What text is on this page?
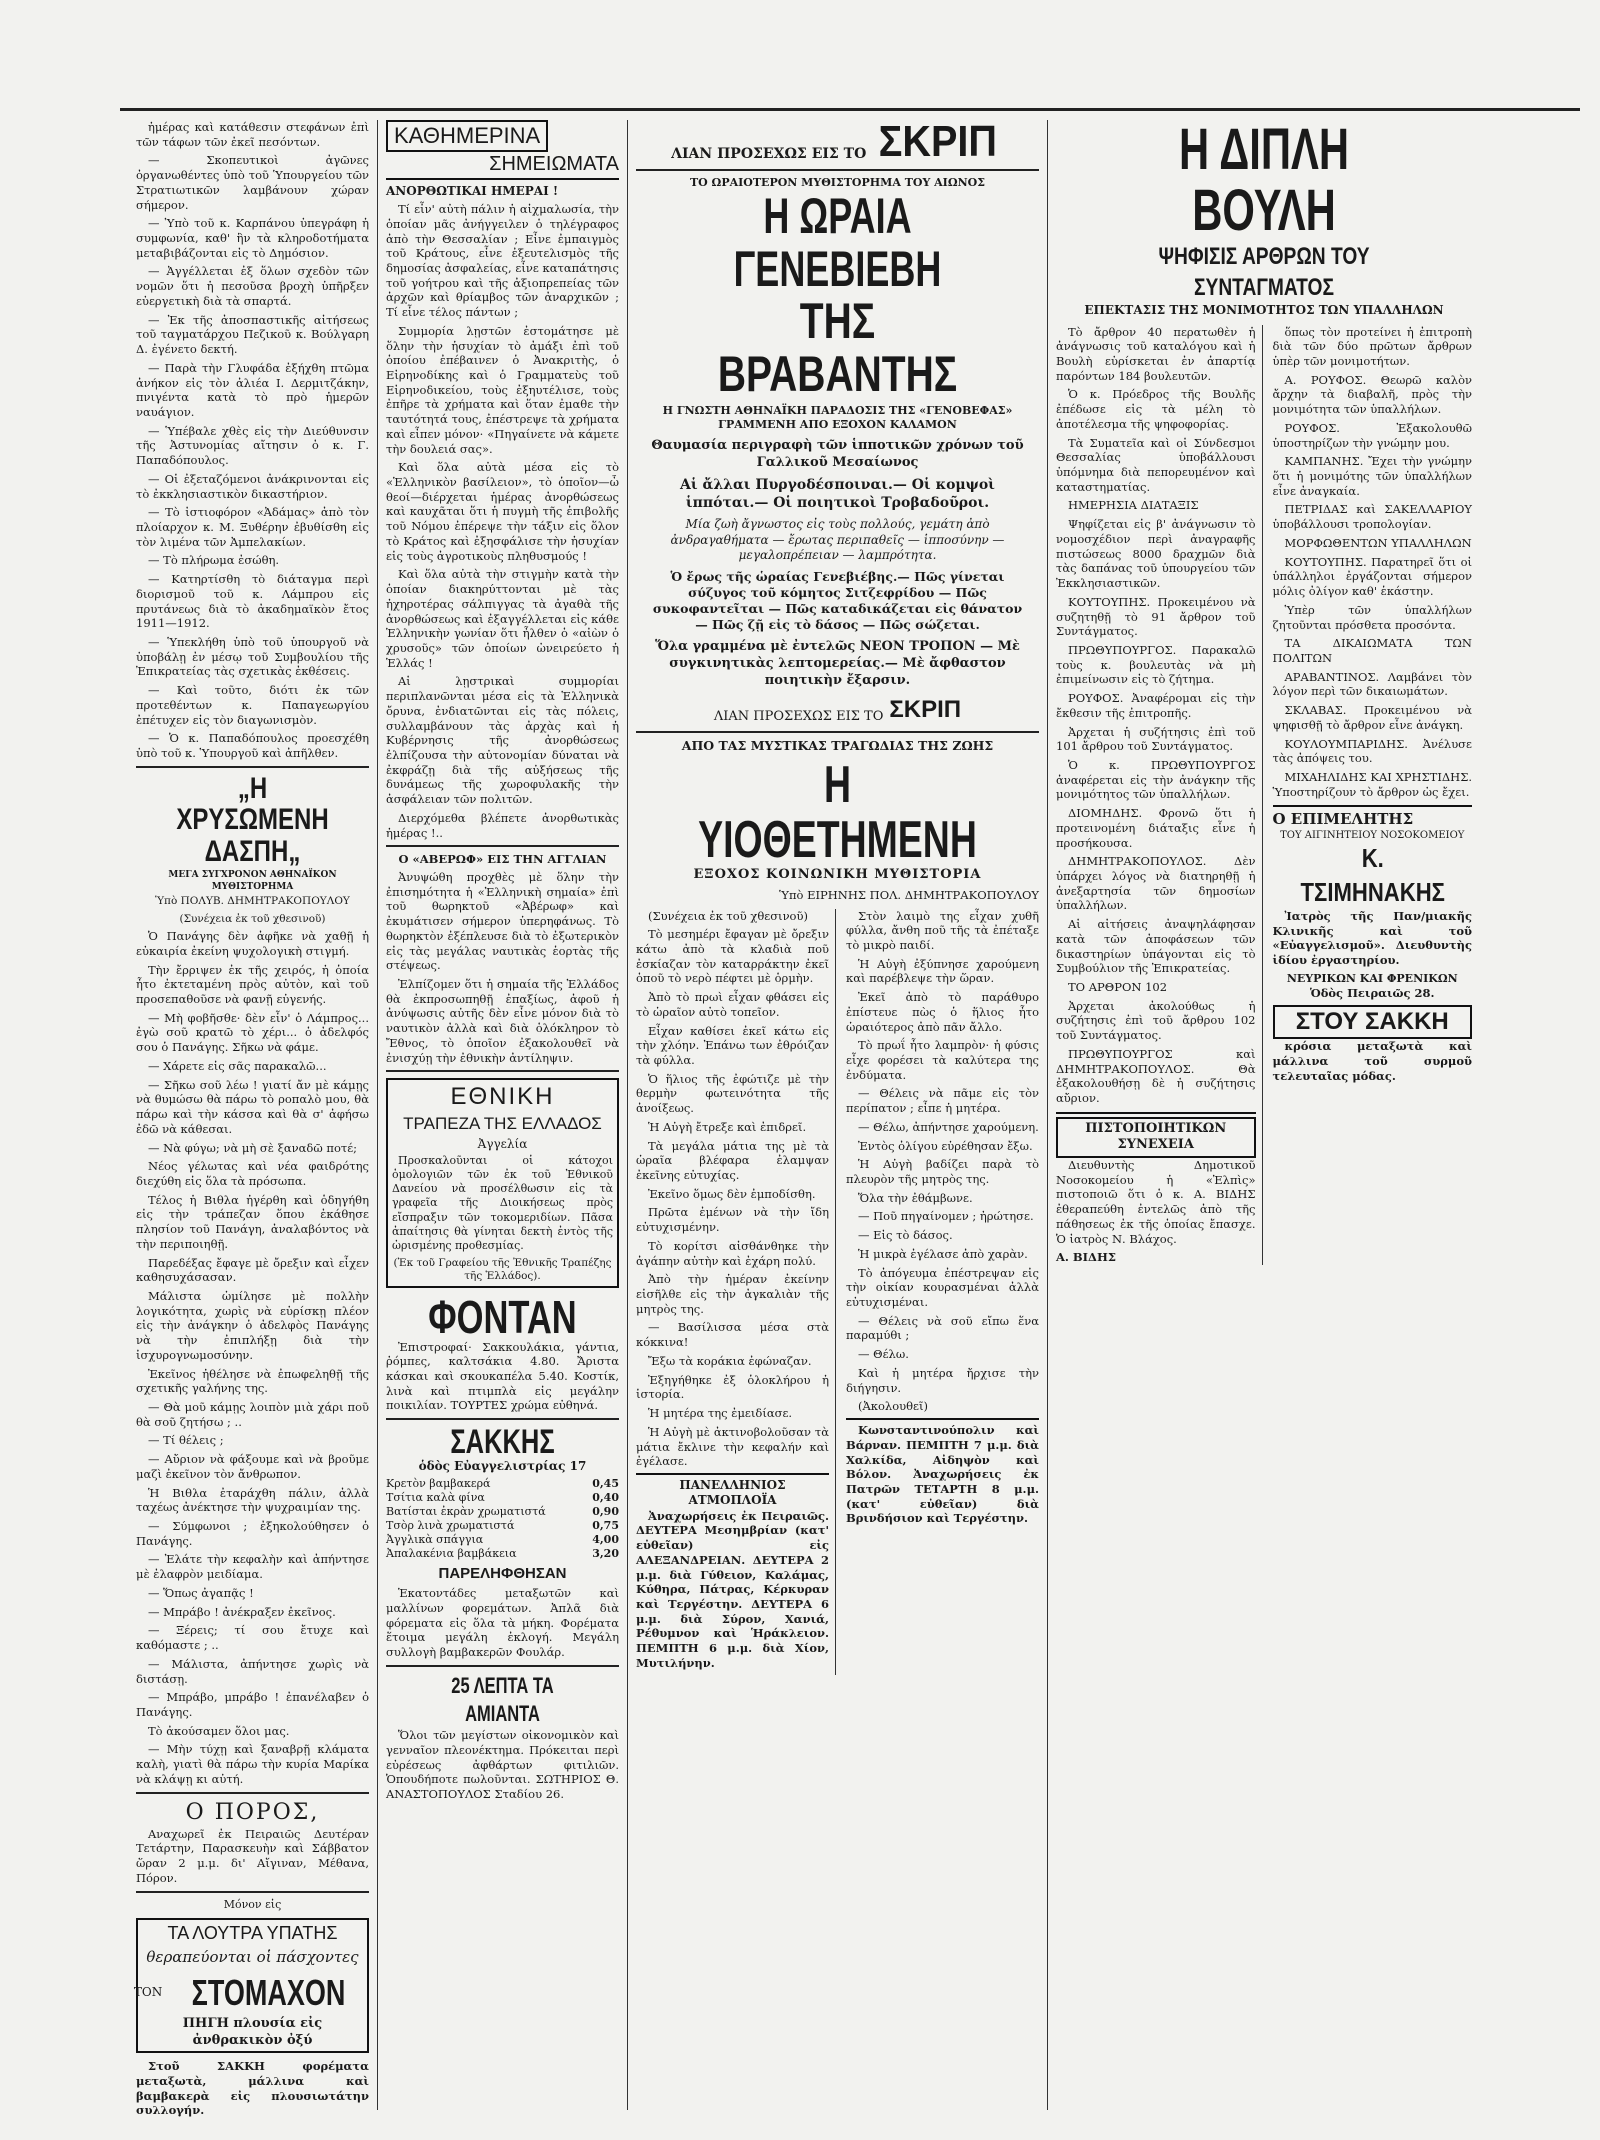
ἡμέρας καὶ κατάθεσιν στεφάνων ἐπὶ τῶν τάφων τῶν ἐκεῖ πεσόντων.

— Σκοπευτικοὶ ἀγῶνες ὀργανωθέντες ὑπὸ τοῦ Ὑπουργείου τῶν Στρατιωτικῶν λαμβάνουν χώραν σήμερον.

— Ὑπὸ τοῦ κ. Καρπάνου ὑπεγράφη ἡ συμφωνία, καθ' ἣν τὰ κληροδοτήματα μεταβιβάζονται εἰς τὸ Δημόσιον.

— Ἀγγέλλεται ἐξ ὅλων σχεδὸν τῶν νομῶν ὅτι ἡ πεσοῦσα βροχὴ ὑπῆρξεν εὐεργετικὴ διὰ τὰ σπαρτά.

— Ἐκ τῆς ἀποσπαστικῆς αἰτήσεως τοῦ ταγματάρχου Πεζικοῦ κ. Βούλγαρη Δ. ἐγένετο δεκτή.

— Παρὰ τὴν Γλυφάδα ἐξήχθη πτῶμα ἀνήκον εἰς τὸν ἀλιέα Ι. Δερμιτζάκην, πνιγέντα κατὰ τὸ πρὸ ἡμερῶν ναυάγιον.

— Ὑπέβαλε χθὲς εἰς τὴν Διεύθυνσιν τῆς Ἀστυνομίας αἴτησιν ὁ κ. Γ. Παπαδόπουλος.

— Οἱ ἐξεταζόμενοι ἀνάκρινονται εἰς τὸ ἐκκλησιαστικὸν δικαστήριον.

— Τὸ ἰστιοφόρον «Ἀδάμας» ἀπὸ τὸν πλοίαρχον κ. Μ. Ξυθέρην ἐβυθίσθη εἰς τὸν λιμένα τῶν Ἀμπελακίων.

— Τὸ πλήρωμα ἐσώθη.

— Κατηρτίσθη τὸ διάταγμα περὶ διορισμοῦ τοῦ κ. Λάμπρου εἰς πρυτάνεως διὰ τὸ ἀκαδημαϊκὸν ἔτος 1911—1912.

— Ὑπεκλήθη ὑπὸ τοῦ ὑπουργοῦ νὰ ὑποβάλῃ ἐν μέσῳ τοῦ Συμβουλίου τῆς Ἐπικρατείας τὰς σχετικὰς ἐκθέσεις.

— Καὶ τοῦτο, διότι ἐκ τῶν προτεθέντων κ. Παπαγεωργίου ἐπέτυχεν εἰς τὸν διαγωνισμὸν.

— Ὁ κ. Παπαδόπουλος προεσχέθη ὑπὸ τοῦ κ. Ὑπουργοῦ καὶ ἀπῆλθεν.

„Η ΧΡΥΣΩΜΕΝΗ ΔΑΣΠΗ„
ΜΕΓΑ ΣΥΓΧΡΟΝΟΝ ΑΘΗΝΑΪΚΟΝ ΜΥΘΙΣΤΟΡΗΜΑ
Ὑπὸ ΠΟΛΥΒ. ΔΗΜΗΤΡΑΚΟΠΟΥΛΟΥ
(Συνέχεια ἐκ τοῦ χθεσινοῦ)

Ὁ Πανάγης δὲν ἀφῆκε νὰ χαθῇ ἡ εὐκαιρία ἐκείνη ψυχολογικὴ στιγμή.

Τὴν ἔρριψεν ἐκ τῆς χειρός, ἡ ὁποία ἦτο ἐκτεταμένη πρὸς αὐτὸν, καὶ τοῦ προσεπαθοῦσε νὰ φανῇ εὐγενής.

— Μὴ φοβῆσθε· δὲν εἶν' ὁ Λάμπρος... ἐγὼ σοῦ κρατῶ τὸ χέρι... ὁ ἀδελφός σου ὁ Πανάγης. Σῆκω νὰ φάμε.

— Χάρετε εἰς σᾶς παρακαλῶ...

— Σῆκω σοῦ λέω ! γιατί ἄν μὲ κάμῃς νὰ θυμώσω θὰ πάρω τὸ ροπαλὸ μου, θὰ πάρω καὶ τὴν κάσσα καὶ θὰ σ' ἀφήσω ἐδῶ νὰ κάθεσαι.

— Νὰ φύγω; νὰ μὴ σὲ ξαναδῶ ποτέ;

Νέος γέλωτας καὶ νέα φαιδρότης διεχύθη εἰς ὅλα τὰ πρόσωπα.

Τέλος ἡ Βιθλα ἠγέρθη καὶ ὁδηγήθη εἰς τὴν τράπεζαν ὅπου ἐκάθησε πλησίον τοῦ Πανάγη, ἀναλαβόντος νὰ τὴν περιποιηθῇ.

Παρεδέξας ἔφαγε μὲ ὄρεξιν καὶ εἶχεν καθησυχάσασαν.

Μάλιστα ὡμίλησε μὲ πολλὴν λογικότητα, χωρὶς νὰ εὑρίσκῃ πλέον εἰς τὴν ἀνάγκην ὁ ἀδελφὸς Πανάγης νὰ τὴν ἐπιπλήξῃ διὰ τὴν ἰσχυρογνωμοσύνην.

Ἐκεῖνος ἠθέλησε νὰ ἐπωφεληθῇ τῆς σχετικῆς γαλήνης της.

— Θὰ μοῦ κάμῃς λοιπὸν μιὰ χάρι ποῦ θὰ σοῦ ζητήσω ; ..

— Τί θέλεις ;

— Αὔριον νὰ φάξουμε καὶ νὰ βροῦμε μαζὶ ἐκεῖνον τὸν ἄνθρωπον.

Ἡ Βιθλα ἐταράχθη πάλιν, ἀλλὰ ταχέως ἀνέκτησε τὴν ψυχραιμίαν της.

— Σύμφωνοι ; ἐξηκολούθησεν ὁ Πανάγης.

— Ἐλάτε τὴν κεφαλὴν καὶ ἀπήντησε μὲ ἐλαφρὸν μειδίαμα.

— Ὅπως ἀγαπᾷς !

— Μπράβο ! ἀνέκραξεν ἐκεῖνος.

— Ξέρεις; τί σου ἔτυχε καὶ καθόμαστε ; ..

— Μάλιστα, ἀπήντησε χωρὶς νὰ διστάσῃ.

— Μπράβο, μπράβο ! ἐπανέλαβεν ὁ Πανάγης.

Τὸ ἀκούσαμεν ὅλοι μας.

— Μὴν τύχῃ καὶ ξαναβρῇ κλάματα καλὴ, γιατὶ θὰ πάρω τὴν κυρία Μαρίκα νὰ κλάψῃ κι αὐτή.

Ο ΠΟΡΟΣ,

Αναχωρεῖ ἐκ Πειραιῶς Δευτέραν Τετάρτην, Παρασκευὴν καὶ Σάββατον ὥραν 2 μ.μ. δι' Αἴγιναν, Μέθανα, Πόρον.

Μόνον εἰς
ΤΑ ΛΟΥΤΡΑ ΥΠΑΤΗΣ
θεραπεύονται οἱ πάσχοντες
ΤΟΝ ΣΤΟΜΑΧΟΝ
ΠΗΓΗ πλουσία εἰς ἀνθρακικὸν ὀξύ

Στοῦ ΣΑΚΚΗ φορέματα μεταξωτὰ, μάλλινα καὶ βαμβακερὰ εἰς πλουσιωτάτην συλλογήν.

ΚΑΘΗΜΕΡΙΝΑ
ΣΗΜΕΙΩΜΑΤΑ
ΑΝΟΡΘΩΤΙΚΑΙ ΗΜΕΡΑΙ !

Τί εἶν' αὐτὴ πάλιν ἡ αἰχμαλωσία, τὴν ὁποίαν μᾶς ἀνήγγειλεν ὁ τηλέγραφος ἀπὸ τὴν Θεσσαλίαν ; Εἶνε ἐμπαιγμὸς τοῦ Κράτους, εἶνε ἐξευτελισμὸς τῆς δημοσίας ἀσφαλείας, εἶνε καταπάτησις τοῦ γοήτρου καὶ τῆς ἀξιοπρεπείας τῶν ἀρχῶν καὶ θρίαμβος τῶν ἀναρχικῶν ; Τί εἶνε τέλος πάντων ;

Συμμορία λῃστῶν ἐστομάτησε μὲ ὅλην τὴν ἡσυχίαν τὸ ἀμάξι ἐπὶ τοῦ ὁποίου ἐπέβαινεν ὁ Ἀνακριτὴς, ὁ Εἰρηνοδίκης καὶ ὁ Γραμματεὺς τοῦ Εἰρηνοδικείου, τοὺς ἐξηυτέλισε, τοὺς ἐπῆρε τὰ χρήματα καὶ ὅταν ἐμαθε τὴν ταυτότητά τους, ἐπέστρεψε τὰ χρήματα καὶ εἶπεν μόνον· «Πηγαίνετε νὰ κάμετε τὴν δουλειά σας».

Καὶ ὅλα αὐτὰ μέσα εἰς τὸ «Ἑλληνικὸν βασίλειον», τὸ ὁποῖον—ὦ θεοί—διέρχεται ἡμέρας ἀνορθώσεως καὶ καυχᾶται ὅτι ἡ πυγμὴ τῆς ἐπιβολῆς τοῦ Νόμου ἐπέρεψε τὴν τάξιν εἰς ὅλον τὸ Κράτος καὶ ἐξησφάλισε τὴν ἡσυχίαν εἰς τοὺς ἀγροτικοὺς πληθυσμούς !

Καὶ ὅλα αὐτὰ τὴν στιγμὴν κατὰ τὴν ὁποίαν διακηρύττονται μὲ τὰς ἠχηροτέρας σάλπιγγας τὰ ἀγαθὰ τῆς ἀνορθώσεως καὶ ἐξαγγέλλεται εἰς κάθε Ἑλληνικὴν γωνίαν ὅτι ἦλθεν ὁ «αἰὼν ὁ χρυσοῦς» τῶν ὁποίων ὠνειρεύετο ἡ Ἑλλάς !

Αἱ λῃστρικαὶ συμμορίαι περιπλανῶνται μέσα εἰς τὰ Ἑλληνικὰ ὄρυνα, ἐνδιατῶνται εἰς τὰς πόλεις, συλλαμβάνουν τὰς ἀρχὰς καὶ ἡ Κυβέρνησις τῆς ἀνορθώσεως ἐλπίζουσα τὴν αὐτονομίαν δύναται νὰ ἐκφράζῃ διὰ τῆς αὐξήσεως τῆς δυνάμεως τῆς χωροφυλακῆς τὴν ἀσφάλειαν τῶν πολιτῶν.

Διερχόμεθα βλέπετε ἀνορθωτικὰς ἡμέρας !..

Ο «ΑΒΕΡΩΦ» ΕΙΣ ΤΗΝ ΑΓΓΛΙΑΝ

Ἀνυψώθη προχθὲς μὲ ὅλην τὴν ἐπισημότητα ἡ «Ἑλληνικὴ σημαία» ἐπὶ τοῦ θωρηκτοῦ «Ἀβέρωφ» καὶ ἐκυμάτισεν σήμερον ὑπερηφάνως. Τὸ θωρηκτὸν ἐξέπλευσε διὰ τὸ ἐξωτερικὸν εἰς τὰς μεγάλας ναυτικὰς ἑορτὰς τῆς στέψεως.

Ἐλπίζομεν ὅτι ἡ σημαία τῆς Ἑλλάδος θὰ ἐκπροσωπηθῇ ἐπαξίως, ἀφοῦ ἡ ἀνύψωσις αὐτῆς δὲν εἶνε μόνον διὰ τὸ ναυτικὸν ἀλλὰ καὶ διὰ ὁλόκληρον τὸ Ἔθνος, τὸ ὁποῖον ἐξακολουθεῖ νὰ ἐνισχύῃ τὴν ἐθνικὴν ἀντίληψιν.

ΕΘΝΙΚΗ
ΤΡΑΠΕΖΑ ΤΗΣ ΕΛΛΑΔΟΣ
Ἀγγελία

Προσκαλοῦνται οἱ κάτοχοι ὁμολογιῶν τῶν ἐκ τοῦ Ἐθνικοῦ Δανείου νὰ προσέλθωσιν εἰς τὰ γραφεῖα τῆς Διοικήσεως πρὸς εἴσπραξιν τῶν τοκομεριδίων. Πᾶσα ἀπαίτησις θὰ γίνηται δεκτὴ ἐντὸς τῆς ὡρισμένης προθεσμίας.

(Ἐκ τοῦ Γραφείου τῆς Ἐθνικῆς Τραπέζης τῆς Ἑλλάδος).
ΦΟΝΤΑΝ

Ἐπιστροφαί· Σακκουλάκια, γάντια, ῥόμπες, καλτσάκια 4.80. Ἄριστα κάσκαι καὶ σκουκαπέλα 5.40. Κοστίκ, λινὰ καὶ πτιμπλὰ εἰς μεγάλην ποικιλίαν. ΤΟΥΡΤΕΣ χρώμα εὐθηνά.

ΣΑΚΚΗΣ
ὁδὸς Εὐαγγελιστρίας 17
Κρετὸν βαμβακερά	0,45
Τσίτια καλὰ φίνα	0,40
Βατίσται ἐκρὰν χρωματιστά	0,90
Τσὸρ λινὰ χρωματιστά	0,75
Ἀγγλικὰ σπάγγια	4,00
Ἀπαλακένια βαμβάκεια	3,20
ΠΑΡΕΛΗΦΘΗΣΑΝ

Ἑκατοντάδες μεταξωτῶν καὶ μαλλίνων φορεμάτων. Ἀπλᾶ διὰ φόρεματα εἰς ὅλα τὰ μήκη. Φορέματα ἕτοιμα μεγάλη ἐκλογή. Μεγάλη συλλογὴ βαμβακερῶν Φουλάρ.

25 ΛΕΠΤΑ ΤΑ ΑΜΙΑΝΤΑ

Ὅλοι τῶν μεγίστων οἰκονομικὸν καὶ γενναῖον πλεονέκτημα. Πρόκειται περὶ εὐρέσεως ἀφθάρτων φιτιλιῶν. Ὁπουδήποτε πωλοῦνται. ΣΩΤΗΡΙΟΣ Θ. ΑΝΑΣΤΟΠΟΥΛΟΣ Σταδίου 26.

ΛΙΑΝ ΠΡΟΣΕΧΩΣ ΕΙΣ ΤΟ ΣΚΡΙΠ
ΤΟ ΩΡΑΙΟΤΕΡΟΝ ΜΥΘΙΣΤΟΡΗΜΑ ΤΟΥ ΑΙΩΝΟΣ
Η ΩΡΑΙΑ ΓΕΝΕΒΙΕΒΗ
ΤΗΣ ΒΡΑΒΑΝΤΗΣ
Η ΓΝΩΣΤΗ ΑΘΗΝΑΪΚΗ ΠΑΡΑΔΟΣΙΣ ΤΗΣ «ΓΕΝΟΒΕΦΑΣ» ΓΡΑΜΜΕΝΗ ΑΠΟ ΕΞΟΧΟΝ ΚΑΛΑΜΟΝ
Θαυμασία περιγραφὴ τῶν ἱπποτικῶν χρόνων τοῦ Γαλλικοῦ Μεσαίωνος
Αἱ ἄλλαι Πυργοδέσποιναι.— Οἱ κομψοὶ ἱππόται.— Οἱ ποιητικοὶ Τροβαδοῦροι.
Μία ζωὴ ἄγνωστος εἰς τοὺς πολλούς, γεμάτη ἀπὸ ἀνδραγαθήματα — ἔρωτας περιπαθεῖς — ἱπποσύνην — μεγαλοπρέπειαν — λαμπρότητα.
Ὁ ἔρως τῆς ὡραίας Γενεβιέβης.— Πῶς γίνεται σύζυγος τοῦ κόμητος Σιτζεφρίδου — Πῶς συκοφαντεῖται — Πῶς καταδικάζεται εἰς θάνατον — Πῶς ζῇ εἰς τὸ δάσος — Πῶς σώζεται.
Ὅλα γραμμένα μὲ ἐντελῶς ΝΕΟΝ ΤΡΟΠΟΝ — Μὲ συγκινητικὰς λεπτομερείας.— Μὲ ἄφθαστον ποιητικὴν ἔξαρσιν.
ΛΙΑΝ ΠΡΟΣΕΧΩΣ ΕΙΣ ΤΟ ΣΚΡΙΠ
ΑΠΟ ΤΑΣ ΜΥΣΤΙΚΑΣ ΤΡΑΓΩΔΙΑΣ ΤΗΣ ΖΩΗΣ
Η ΥΙΟΘΕΤΗΜΕΝΗ
ΕΞΟΧΟΣ ΚΟΙΝΩΝΙΚΗ ΜΥΘΙΣΤΟΡΙΑ
Ὑπὸ ΕΙΡΗΝΗΣ ΠΟΛ. ΔΗΜΗΤΡΑΚΟΠΟΥΛΟΥ

(Συνέχεια ἐκ τοῦ χθεσινοῦ)

Τὸ μεσημέρι ἔφαγαν μὲ ὄρεξιν κάτω ἀπὸ τὰ κλαδιὰ ποῦ ἐσκίαζαν τὸν καταρράκτην ἐκεῖ ὁποῦ τὸ νερὸ πέφτει μὲ ὁρμὴν.

Ἀπὸ τὸ πρωὶ εἶχαν φθάσει εἰς τὸ ὡραῖον αὐτὸ τοπεῖον.

Εἶχαν καθίσει ἐκεῖ κάτω εἰς τὴν χλόην. Ἐπάνω των ἐθρόιζαν τὰ φύλλα.

Ὁ ἥλιος τῆς ἐφώτιζε μὲ τὴν θερμὴν φωτεινότητα τῆς ἀνοίξεως.

Ἡ Αὐγὴ ἔτρεξε καὶ ἐπιδρεῖ.

Τὰ μεγάλα μάτια της μὲ τὰ ὡραῖα βλέφαρα ἐλαμψαν ἐκεῖνης εὐτυχίας.

Ἐκεῖνο ὅμως δὲν ἐμποδίσθη.

Πρῶτα ἐμένων νὰ τὴν ἴδη εὐτυχισμένην.

Τὸ κορίτσι αἰσθάνθηκε τὴν ἀγάπην αὐτὴν καὶ ἐχάρη πολύ.

Ἀπὸ τὴν ἡμέραν ἐκείνην εἰσῆλθε εἰς τὴν ἀγκαλιὰν τῆς μητρὸς της.

— Βασίλισσα μέσα στὰ κόκκινα!

Ἔξω τὰ κοράκια ἐφώναζαν.

Ἐξηγήθηκε ἐξ ὁλοκλήρου ἡ ἱστορία.

Ἡ μητέρα της ἐμειδίασε.

Ἡ Αὐγὴ μὲ ἀκτινοβολοῦσαν τὰ μάτια ἔκλινε τὴν κεφαλήν καὶ ἐγέλασε.

ΠΑΝΕΛΛΗΝΙΟΣ ΑΤΜΟΠΛΟΪΑ

Ἀναχωρήσεις ἐκ Πειραιῶς. ΔΕΥΤΕΡΑ Μεσημβρίαν (κατ' εὐθεῖαν) εἰς ΑΛΕΞΑΝΔΡΕΙΑΝ. ΔΕΥΤΕΡΑ 2 μ.μ. διὰ Γύθειον, Καλάμας, Κύθηρα, Πάτρας, Κέρκυραν καὶ Τεργέστην. ΔΕΥΤΕΡΑ 6 μ.μ. διὰ Σύρον, Χανιά, Ρέθυμνον καὶ Ἡράκλειον. ΠΕΜΠΤΗ 6 μ.μ. διὰ Χίον, Μυτιλήνην.

Στὸν λαιμὸ της εἶχαν χυθῆ φύλλα, ἄνθη ποῦ τῆς τὰ ἐπέταξε τὸ μικρὸ παιδί.

Ἡ Αὐγὴ ἐξύπνησε χαρούμενη καὶ παρέβλεψε τὴν ὥραν.

Ἐκεῖ ἀπὸ τὸ παράθυρο ἐπίστευε πὼς ὁ ἥλιος ἦτο ὡραιότερος ἀπὸ πᾶν ἄλλο.

Τὸ πρωΐ ἦτο λαμπρὸν· ἡ φύσις εἶχε φορέσει τὰ καλύτερα της ἐνδύματα.

— Θέλεις νὰ πᾶμε εἰς τὸν περίπατον ; εἶπε ἡ μητέρα.

— Θέλω, ἀπήντησε χαρούμενη.

Ἐντὸς ὀλίγου εὑρέθησαν ἔξω.

Ἡ Αὐγὴ βαδίζει παρὰ τὸ πλευρὸν τῆς μητρὸς της.

Ὅλα τὴν ἐθάμβωνε.

— Ποῦ πηγαίνομεν ; ἠρώτησε.

— Εἰς τὸ δάσος.

Ἡ μικρὰ ἐγέλασε ἀπὸ χαρὰν.

Τὸ ἀπόγευμα ἐπέστρεψαν εἰς τὴν οἰκίαν κουρασμέναι ἀλλὰ εὐτυχισμέναι.

— Θέλεις νὰ σοῦ εἴπω ἕνα παραμύθι ;

— Θέλω.

Καὶ ἡ μητέρα ἤρχισε τὴν διήγησιν.

(Ἀκολουθεῖ)

Κωνσταντινούπολιν καὶ Βάρναν. ΠΕΜΠΤΗ 7 μ.μ. διὰ Χαλκίδα, Αἰδηψὸν καὶ Βόλον. Ἀναχωρήσεις ἐκ Πατρῶν ΤΕΤΑΡΤΗ 8 μ.μ. (κατ' εὐθεῖαν) διὰ Βρινδήσιον καὶ Τεργέστην.

Η ΔΙΠΛΗ ΒΟΥΛΗ
ΨΗΦΙΣΙΣ ΑΡΘΡΩΝ ΤΟΥ ΣΥΝΤΑΓΜΑΤΟΣ
ΕΠΕΚΤΑΣΙΣ ΤΗΣ ΜΟΝΙΜΟΤΗΤΟΣ ΤΩΝ ΥΠΑΛΛΗΛΩΝ

Τὸ ἄρθρον 40 περατωθὲν ἡ ἀνάγνωσις τοῦ καταλόγου καὶ ἡ Βουλὴ εὑρίσκεται ἐν ἀπαρτίᾳ παρόντων 184 βουλευτῶν.

Ὁ κ. Πρόεδρος τῆς Βουλῆς ἐπέδωσε εἰς τὰ μέλη τὸ ἀποτέλεσμα τῆς ψηφοφορίας.

Τὰ Συματεῖα καὶ οἱ Σύνδεσμοι Θεσσαλίας ὑποβάλλουσι ὑπόμνημα διὰ πεπορευμένον καὶ καταστηματίας.

ΗΜΕΡΗΣΙΑ ΔΙΑΤΑΞΙΣ

Ψηφίζεται εἰς β' ἀνάγνωσιν τὸ νομοσχέδιον περὶ ἀναγραφῆς πιστώσεως 8000 δραχμῶν διὰ τὰς δαπάνας τοῦ ὑπουργείου τῶν Ἐκκλησιαστικῶν.

ΚΟΥΤΟΥΠΗΣ. Προκειμένου νὰ συζητηθῇ τὸ 91 ἄρθρον τοῦ Συντάγματος.

ΠΡΩΘΥΠΟΥΡΓΟΣ. Παρακαλῶ τοὺς κ. βουλευτὰς νὰ μὴ ἐπιμείνωσιν εἰς τὸ ζήτημα.

ΡΟΥΦΟΣ. Ἀναφέρομαι εἰς τὴν ἔκθεσιν τῆς ἐπιτροπῆς.

Ἀρχεται ἡ συζήτησις ἐπὶ τοῦ 101 ἄρθρου τοῦ Συντάγματος.

Ὁ κ. ΠΡΩΘΥΠΟΥΡΓΟΣ ἀναφέρεται εἰς τὴν ἀνάγκην τῆς μονιμότητος τῶν ὑπαλλήλων.

ΔΙΟΜΗΔΗΣ. Φρονῶ ὅτι ἡ προτεινομένη διάταξις εἶνε ἡ προσήκουσα.

ΔΗΜΗΤΡΑΚΟΠΟΥΛΟΣ. Δὲν ὑπάρχει λόγος νὰ διατηρηθῇ ἡ ἀνεξαρτησία τῶν δημοσίων ὑπαλλήλων.

Αἱ αἰτήσεις ἀναψηλάφησαν κατὰ τῶν ἀποφάσεων τῶν δικαστηρίων ὑπάγονται εἰς τὸ Συμβούλιον τῆς Ἐπικρατείας.

ΤΟ ΑΡΘΡΟΝ 102

Ἀρχεται ἀκολούθως ἡ συζήτησις ἐπὶ τοῦ ἄρθρου 102 τοῦ Συντάγματος.

ΠΡΩΘΥΠΟΥΡΓΟΣ καὶ ΔΗΜΗΤΡΑΚΟΠΟΥΛΟΣ. Θὰ ἐξακολουθήσῃ δὲ ἡ συζήτησις αὔριον.

ΠΙΣΤΟΠΟΙΗΤΙΚΩΝ ΣΥΝΕΧΕΙΑ

Διευθυντὴς Δημοτικοῦ Νοσοκομείου ἡ «Ἐλπὶς» πιστοποιῶ ὅτι ὁ κ. Α. ΒΙΔΗΣ ἐθεραπεύθη ἐντελῶς ἀπὸ τῆς πάθησεως ἐκ τῆς ὁποίας ἔπασχε. Ὁ ἰατρὸς Ν. Βλάχος.

Α. ΒΙΔΗΣ

ὅπως τὸν προτείνει ἡ ἐπιτροπὴ διὰ τῶν δύο πρῶτων ἄρθρων ὑπὲρ τῶν μονιμοτήτων.

Α. ΡΟΥΦΟΣ. Θεωρῶ καλὸν ἄρχην τὰ διαβαλῆ, πρὸς τὴν μονιμότητα τῶν ὑπαλλήλων.

ΡΟΥΦΟΣ. Ἐξακολουθῶ ὑποστηρίζων τὴν γνώμην μου.

ΚΑΜΠΑΝΗΣ. Ἔχει τὴν γνώμην ὅτι ἡ μονιμότης τῶν ὑπαλλήλων εἶνε ἀναγκαία.

ΠΕΤΡΙΔΑΣ καὶ ΣΑΚΕΛΛΑΡΙΟΥ ὑποβάλλουσι τροπολογίαν.

ΜΟΡΦΩΘΕΝΤΩΝ ΥΠΑΛΛΗΛΩΝ

ΚΟΥΤΟΥΠΗΣ. Παρατηρεῖ ὅτι οἱ ὑπάλληλοι ἐργάζονται σήμερον μόλις ὀλίγον καθ' ἑκάστην.

Ὑπὲρ τῶν ὑπαλλήλων ζητοῦνται πρόσθετα προσόντα.

ΤΑ ΔΙΚΑΙΩΜΑΤΑ ΤΩΝ ΠΟΛΙΤΩΝ

ΑΡΑΒΑΝΤΙΝΟΣ. Λαμβάνει τὸν λόγον περὶ τῶν δικαιωμάτων.

ΣΚΛΑΒΑΣ. Προκειμένου νὰ ψηφισθῇ τὸ ἄρθρον εἶνε ἀνάγκη.

ΚΟΥΛΟΥΜΠΑΡΙΔΗΣ. Ἀνέλυσε τὰς ἀπόψεις του.

ΜΙΧΑΗΛΙΔΗΣ ΚΑΙ ΧΡΗΣΤΙΔΗΣ. Ὑποστηρίζουν τὸ ἄρθρον ὡς ἔχει.

Ο ΕΠΙΜΕΛΗΤΗΣ
ΤΟΥ ΑΙΓΙΝΗΤΕΙΟΥ ΝΟΣΟΚΟΜΕΙΟΥ
Κ. ΤΣΙΜΗΝΑΚΗΣ

Ἰατρὸς τῆς Παν/μιακῆς Κλινικῆς καὶ τοῦ «Εὐαγγελισμοῦ». Διευθυντὴς ἰδίου ἐργαστηρίου.

ΝΕΥΡΙΚΩΝ ΚΑΙ ΦΡΕΝΙΚΩΝ
Ὁδὸς Πειραιῶς 28.
ΣΤΟΥ ΣΑΚΚΗ

κρόσια μεταξωτὰ καὶ μάλλινα τοῦ συρμοῦ τελευταῖας μόδας.
